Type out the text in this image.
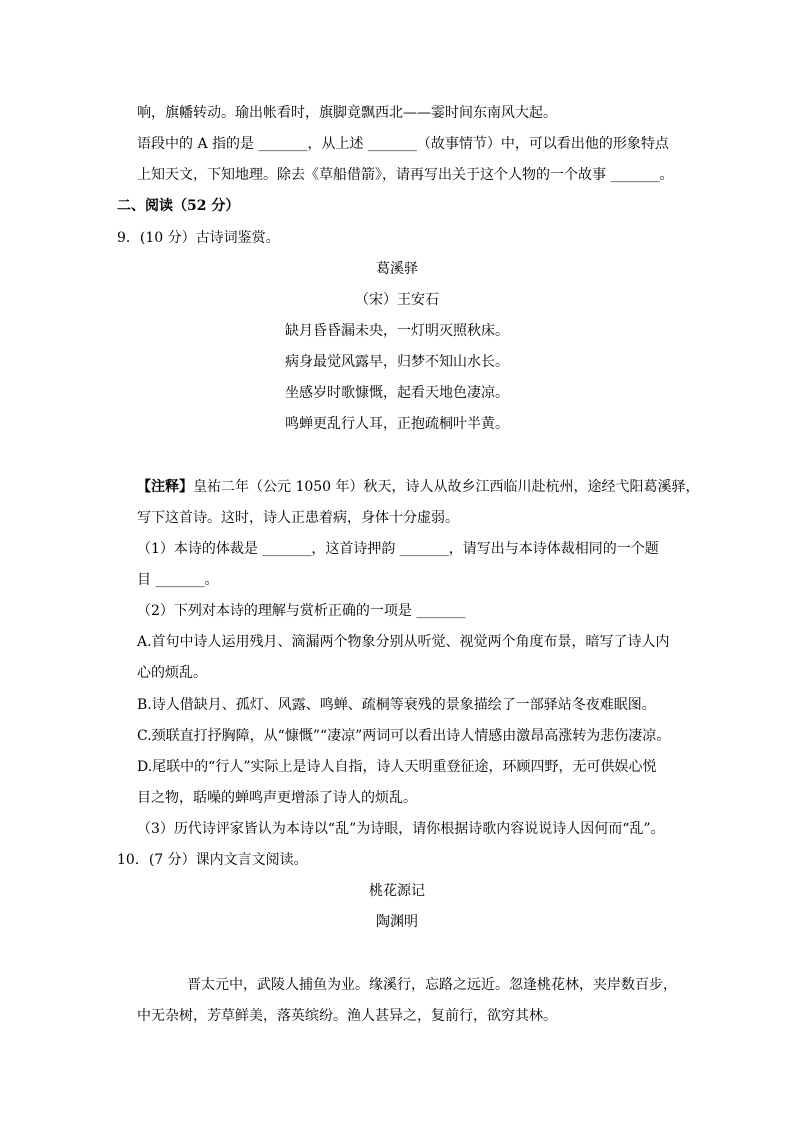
响，旗幡转动。瑜出帐看时，旗脚竟飘西北——霎时间东南风大起。
语段中的 A 指的是 _______，从上述 _______（故事情节）中，可以看出他的形象特点
上知天文，下知地理。除去《草船借箭》，请再写出关于这个人物的一个故事 _______。
二、阅读（52 分）
9．(10 分）古诗词鉴赏。
葛溪驿
（宋）王安石
缺月昏昏漏未央，一灯明灭照秋床。
病身最觉风露早，归梦不知山水长。
坐感岁时歌慷慨，起看天地色凄凉。
鸣蝉更乱行人耳，正抱疏桐叶半黄。
【注释】皇祐二年（公元 1050 年）秋天，诗人从故乡江西临川赴杭州，途经弋阳葛溪驿，
写下这首诗。这时，诗人正患着病，身体十分虚弱。
（1）本诗的体裁是 _______，这首诗押韵 _______，请写出与本诗体裁相同的一个题
目 _______。
（2）下列对本诗的理解与赏析正确的一项是 _______
A.首句中诗人运用残月、滴漏两个物象分别从听觉、视觉两个角度布景，暗写了诗人内
心的烦乱。
B.诗人借缺月、孤灯、风露、鸣蝉、疏桐等衰残的景象描绘了一部驿站冬夜难眠图。
C.颈联直打抒胸障，从“慷慨”“凄凉”两词可以看出诗人情感由激昂高涨转为悲伤凄凉。
D.尾联中的“行人”实际上是诗人自指，诗人天明重登征途，环顾四野，无可供娱心悦
目之物，聒噪的蝉鸣声更增添了诗人的烦乱。
（3）历代诗评家皆认为本诗以“乱”为诗眼，请你根据诗歌内容说说诗人因何而“乱”。
10．(7 分）课内文言文阅读。
桃花源记
陶渊明
晋太元中，武陵人捕鱼为业。缘溪行，忘路之远近。忽逢桃花林，夹岸数百步，
中无杂树，芳草鲜美，落英缤纷。渔人甚异之，复前行，欲穷其林。
